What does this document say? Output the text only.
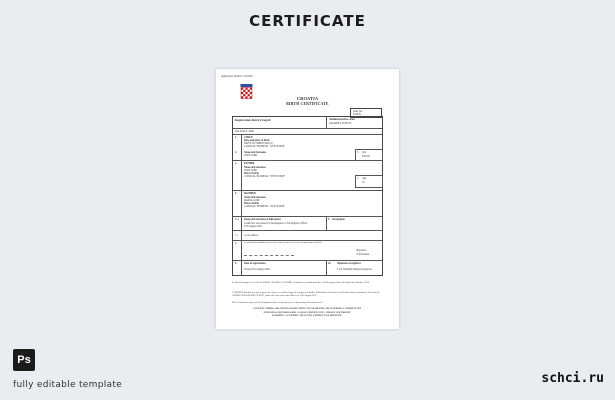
CERTIFICATE
Application Number: 1225483
CROATIA
BIRTH CERTIFICATE
Issue No.
879432
Registration district Zagreb	Administrative area
ZAGREB COUNCIL
Sub-district: Janni
1.	CHILD
Date and place of birth
FIRST OCTOBER 2020 (1)
CLINICAL HOSPITAL "SVETI DUH"
2.	Name and Surname
IVAN GORI
3. Sex
Female
4.	FATHER
Name and surname
IVAN GORI
Place of birth
CLINICAL HOSPITAL "SVETI DUH"
5. Age
25
6.	MOTHER
Name and surname
MARIA GORI
Place of birth
CLINICAL HOSPITAL "SVETI DUH"
7. a Name and surname of Informant	b Occupation
Certificate was issued by the Registrar, Civil Registry Office
27th August 2021
7.c Local address
8.	I certify that the particulars given in this entry are true to the best of my knowledge and belief
Signature
of Informant
9.	Date of registration	10. Signature of registrar
Twenty first August 2021	J. M. Weekfield Deputy Registrar
In Town/bearing no. 8 of the ZAGREB, CROATIA, ZAGREB. Certificate recorded from the Civil Registry Office Records Ltd. Number: 1234
I CERTIFY that this is a true copy of an entry in a certified copy of a register of Births, Still-births or Deaths in the District above mentioned. Given at the GENERAL REGISTER OFFICE, under the Seal of the said Office on 27th August 2021
This Certificate is given in the Registrar's office in the presence of the person who must have it
CAUTION: THERE ARE OFFENCES RELATING TO FALSIFYING OR ALTERING A CERTIFICATE
AND USING OR POSSESSING A FALSE CERTIFICATE ©CROWN COPYRIGHT
WARNING: A CERTIFICATE IS NOT EVIDENCE OF IDENTITY
Ps
fully editable template	schci.ru
